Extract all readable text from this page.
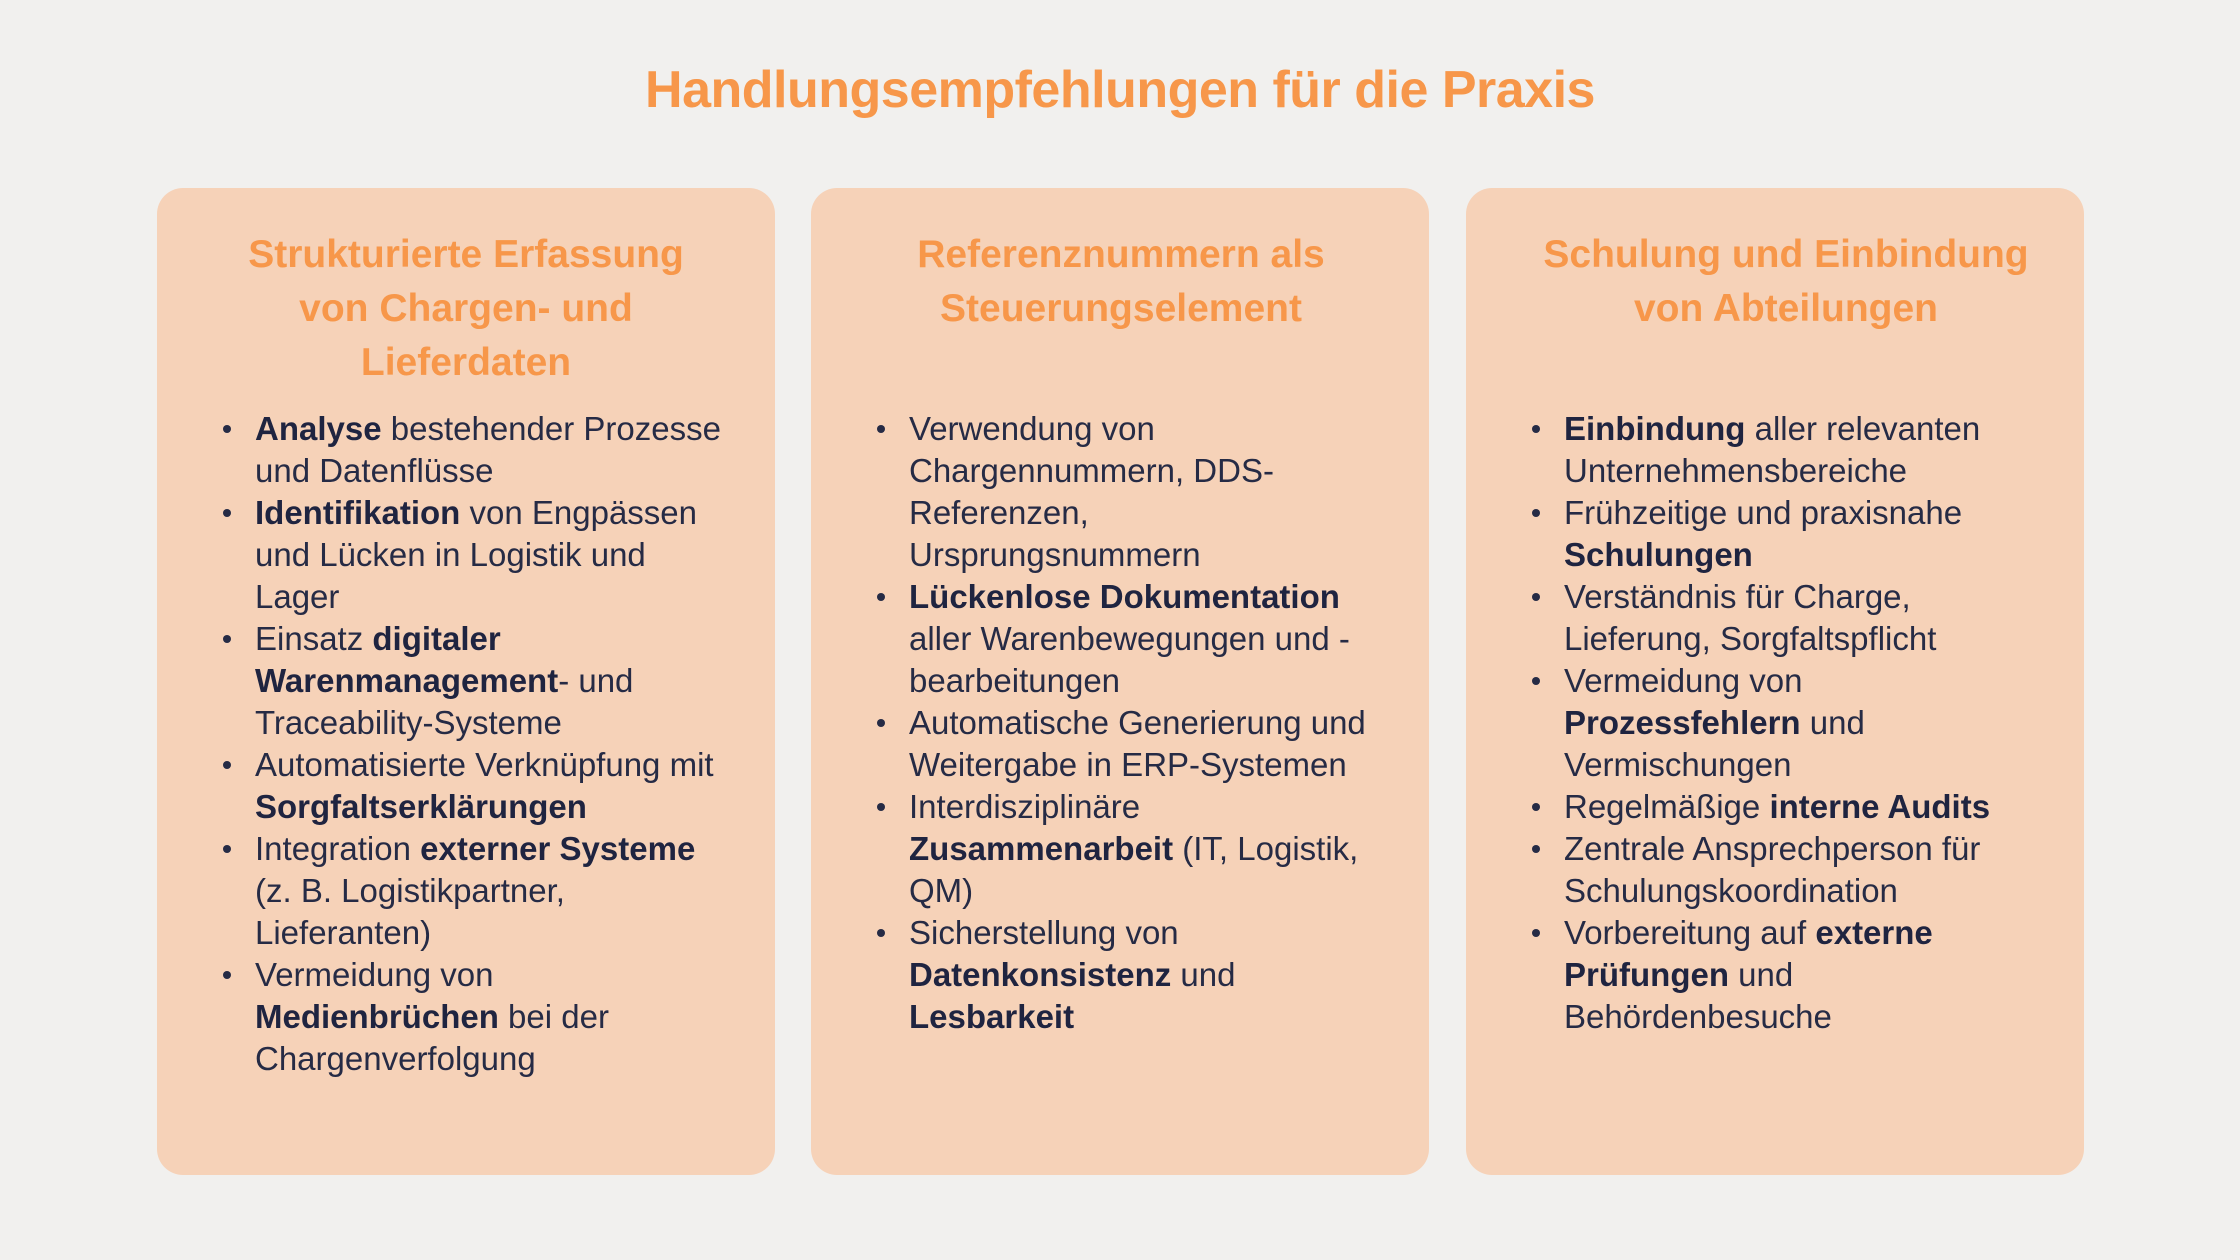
Handlungsempfehlungen für die Praxis
Strukturierte Erfassung von Chargen- und Lieferdaten
Analyse bestehender Prozesse und Datenflüsse
Identifikation von Engpässen und Lücken in Logistik und Lager
Einsatz digitaler Warenmanagement- und Traceability-Systeme
Automatisierte Verknüpfung mit Sorgfaltserklärungen
Integration externer Systeme (z. B. Logistikpartner, Lieferanten)
Vermeidung von Medienbrüchen bei der Chargenverfolgung
Referenznummern als Steuerungselement
Verwendung von Chargennummern, DDS-Referenzen, Ursprungsnummern
Lückenlose Dokumentation aller Warenbewegungen und -bearbeitungen
Automatische Generierung und Weitergabe in ERP-Systemen
Interdisziplinäre Zusammenarbeit (IT, Logistik, QM)
Sicherstellung von Datenkonsistenz und Lesbarkeit
Schulung und Einbindung von Abteilungen
Einbindung aller relevanten Unternehmensbereiche
Frühzeitige und praxisnahe Schulungen
Verständnis für Charge, Lieferung, Sorgfaltspflicht
Vermeidung von Prozessfehlern und Vermischungen
Regelmäßige interne Audits
Zentrale Ansprechperson für Schulungskoordination
Vorbereitung auf externe Prüfungen und Behördenbesuche
